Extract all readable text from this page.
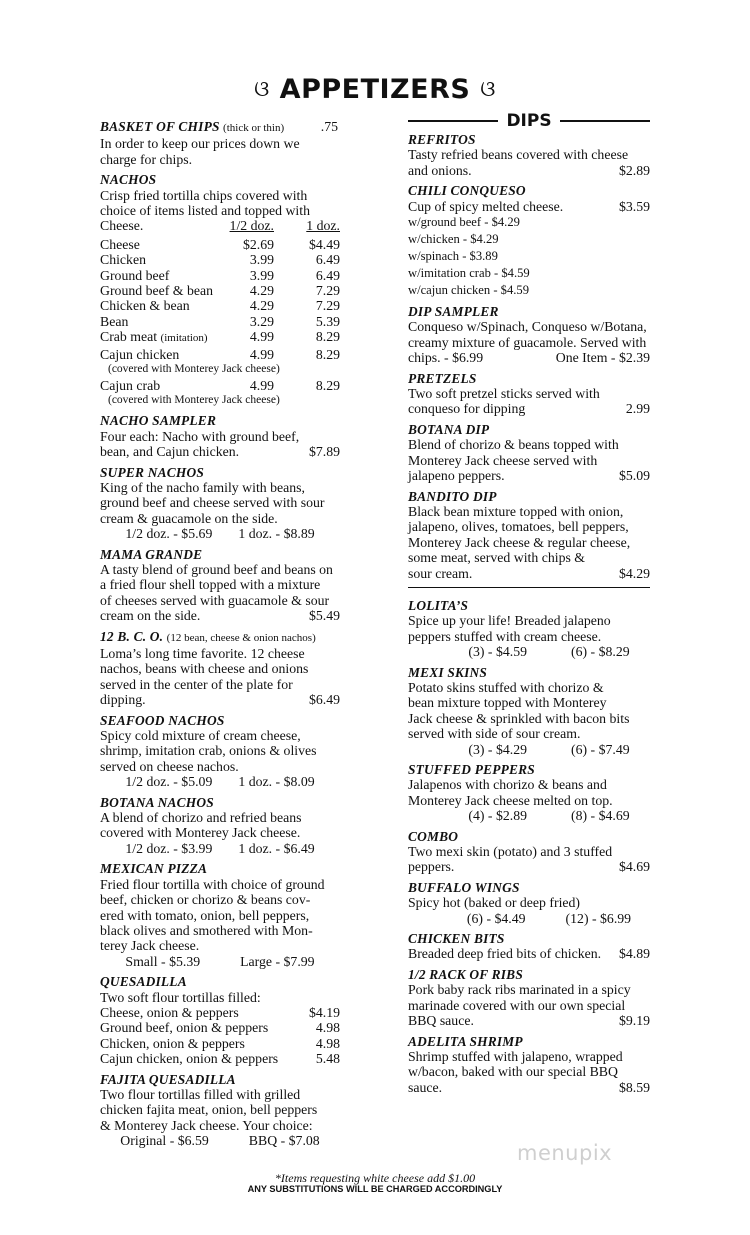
ଓ APPETIZERS ଓ
DIPS
BASKET OF CHIPS (thick or thin)	.75
In order to keep our prices down we
charge for chips.
NACHOS
Crisp fried tortilla chips covered with
choice of items listed and topped with
Cheese.	1/2 doz.	1 doz.
Cheese	$2.69	$4.49
Chicken	3.99	6.49
Ground beef	3.99	6.49
Ground beef & bean	4.29	7.29
Chicken & bean	4.29	7.29
Bean	3.29	5.39
Crab meat (imitation)	4.99	8.29
Cajun chicken	4.99	8.29
(covered with Monterey Jack cheese)
Cajun crab	4.99	8.29
(covered with Monterey Jack cheese)
NACHO SAMPLER
Four each: Nacho with ground beef,
bean, and Cajun chicken.	$7.89
SUPER NACHOS
King of the nacho family with beans,
ground beef and cheese served with sour
cream & guacamole on the side.
1/2 doz. - $5.69 1 doz. - $8.89
MAMA GRANDE
A tasty blend of ground beef and beans on
a fried flour shell topped with a mixture
of cheeses served with guacamole & sour
cream on the side.	$5.49
12 B. C. O. (12 bean, cheese & onion nachos)
Loma’s long time favorite. 12 cheese
nachos, beans with cheese and onions
served in the center of the plate for
dipping.	$6.49
SEAFOOD NACHOS
Spicy cold mixture of cream cheese,
shrimp, imitation crab, onions & olives
served on cheese nachos.
1/2 doz. - $5.09 1 doz. - $8.09
BOTANA NACHOS
A blend of chorizo and refried beans
covered with Monterey Jack cheese.
1/2 doz. - $3.99 1 doz. - $6.49
MEXICAN PIZZA
Fried flour tortilla with choice of ground
beef, chicken or chorizo & beans cov-
ered with tomato, onion, bell peppers,
black olives and smothered with Mon-
terey Jack cheese.
Small - $5.39	Large - $7.99
QUESADILLA
Two soft flour tortillas filled:
Cheese, onion & peppers	$4.19
Ground beef, onion & peppers	4.98
Chicken, onion & peppers	4.98
Cajun chicken, onion & peppers	5.48
FAJITA QUESADILLA
Two flour tortillas filled with grilled
chicken fajita meat, onion, bell peppers
& Monterey Jack cheese. Your choice:
Original - $6.59	BBQ - $7.08
REFRITOS
Tasty refried beans covered with cheese
and onions.	$2.89
CHILI CONQUESO
Cup of spicy melted cheese.	$3.59
w/ground beef - $4.29
w/chicken - $4.29
w/spinach - $3.89
w/imitation crab - $4.59
w/cajun chicken - $4.59
DIP SAMPLER
Conqueso w/Spinach, Conqueso w/Botana,
creamy mixture of guacamole. Served with
chips. - $6.99	One Item - $2.39
PRETZELS
Two soft pretzel sticks served with
conqueso for dipping	2.99
BOTANA DIP
Blend of chorizo & beans topped with
Monterey Jack cheese served with
jalapeno peppers.	$5.09
BANDITO DIP
Black bean mixture topped with onion,
jalapeno, olives, tomatoes, bell peppers,
Monterey Jack cheese & regular cheese,
some meat, served with chips &
sour cream.	$4.29
LOLITA’S
Spice up your life! Breaded jalapeno
peppers stuffed with cream cheese.
(3) - $4.59	(6) - $8.29
MEXI SKINS
Potato skins stuffed with chorizo &
bean mixture topped with Monterey
Jack cheese & sprinkled with bacon bits
served with side of sour cream.
(3) - $4.29	(6) - $7.49
STUFFED PEPPERS
Jalapenos with chorizo & beans and
Monterey Jack cheese melted on top.
(4) - $2.89	(8) - $4.69
COMBO
Two mexi skin (potato) and 3 stuffed
peppers.	$4.69
BUFFALO WINGS
Spicy hot (baked or deep fried)
(6) - $4.49	(12) - $6.99
CHICKEN BITS
Breaded deep fried bits of chicken. $4.89
1/2 RACK OF RIBS
Pork baby rack ribs marinated in a spicy
marinade covered with our own special
BBQ sauce.	$9.19
ADELITA SHRIMP
Shrimp stuffed with jalapeno, wrapped
w/bacon, baked with our special BBQ
sauce.	$8.59
menupix
*Items requesting white cheese add $1.00
ANY SUBSTITUTIONS WILL BE CHARGED ACCORDINGLY
